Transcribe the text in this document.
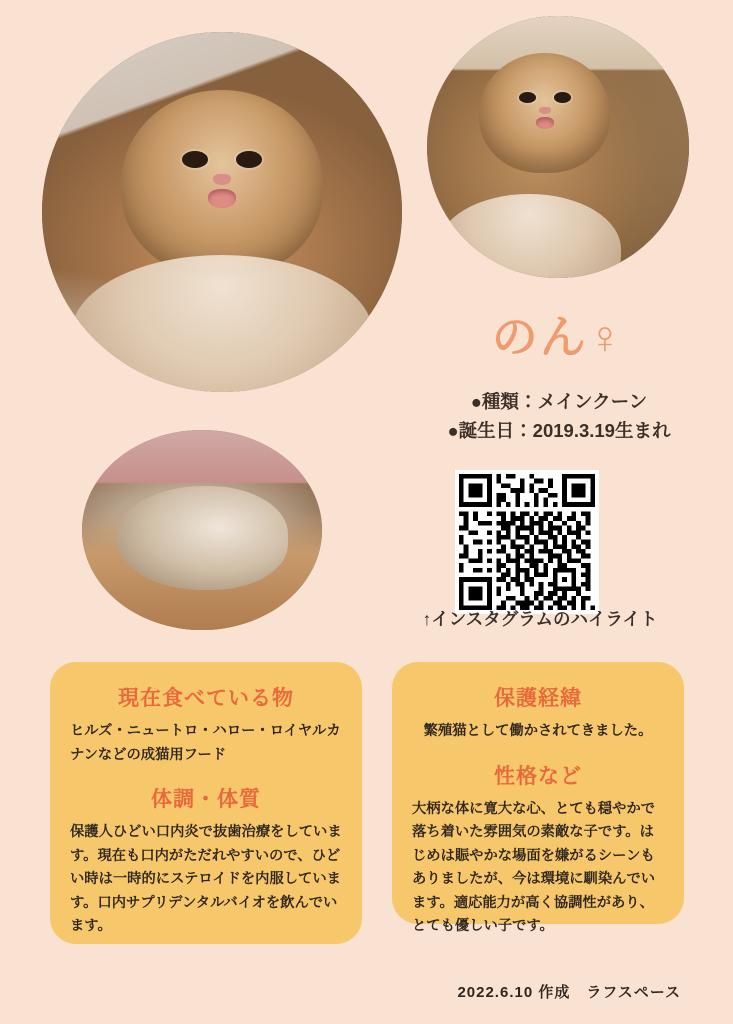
のん♀
●種類：メインクーン
●誕生日：2019.3.19生まれ
↑インスタグラムのハイライト
現在食べている物

ヒルズ・ニュートロ・ハロー・ロイヤルカナンなどの成猫用フード

体調・体質

保護人ひどい口内炎で抜歯治療をしています。現在も口内がただれやすいので、ひどい時は一時的にステロイドを内服しています。口内サプリデンタルバイオを飲んでいます。

保護経緯

繁殖猫として働かされてきました。

性格など

大柄な体に寛大な心、とても穏やかで落ち着いた雰囲気の素敵な子です。はじめは賑やかな場面を嫌がるシーンもありましたが、今は環境に馴染んでいます。適応能力が高く協調性があり、とても優しい子です。

2022.6.10 作成　ラフスペース
